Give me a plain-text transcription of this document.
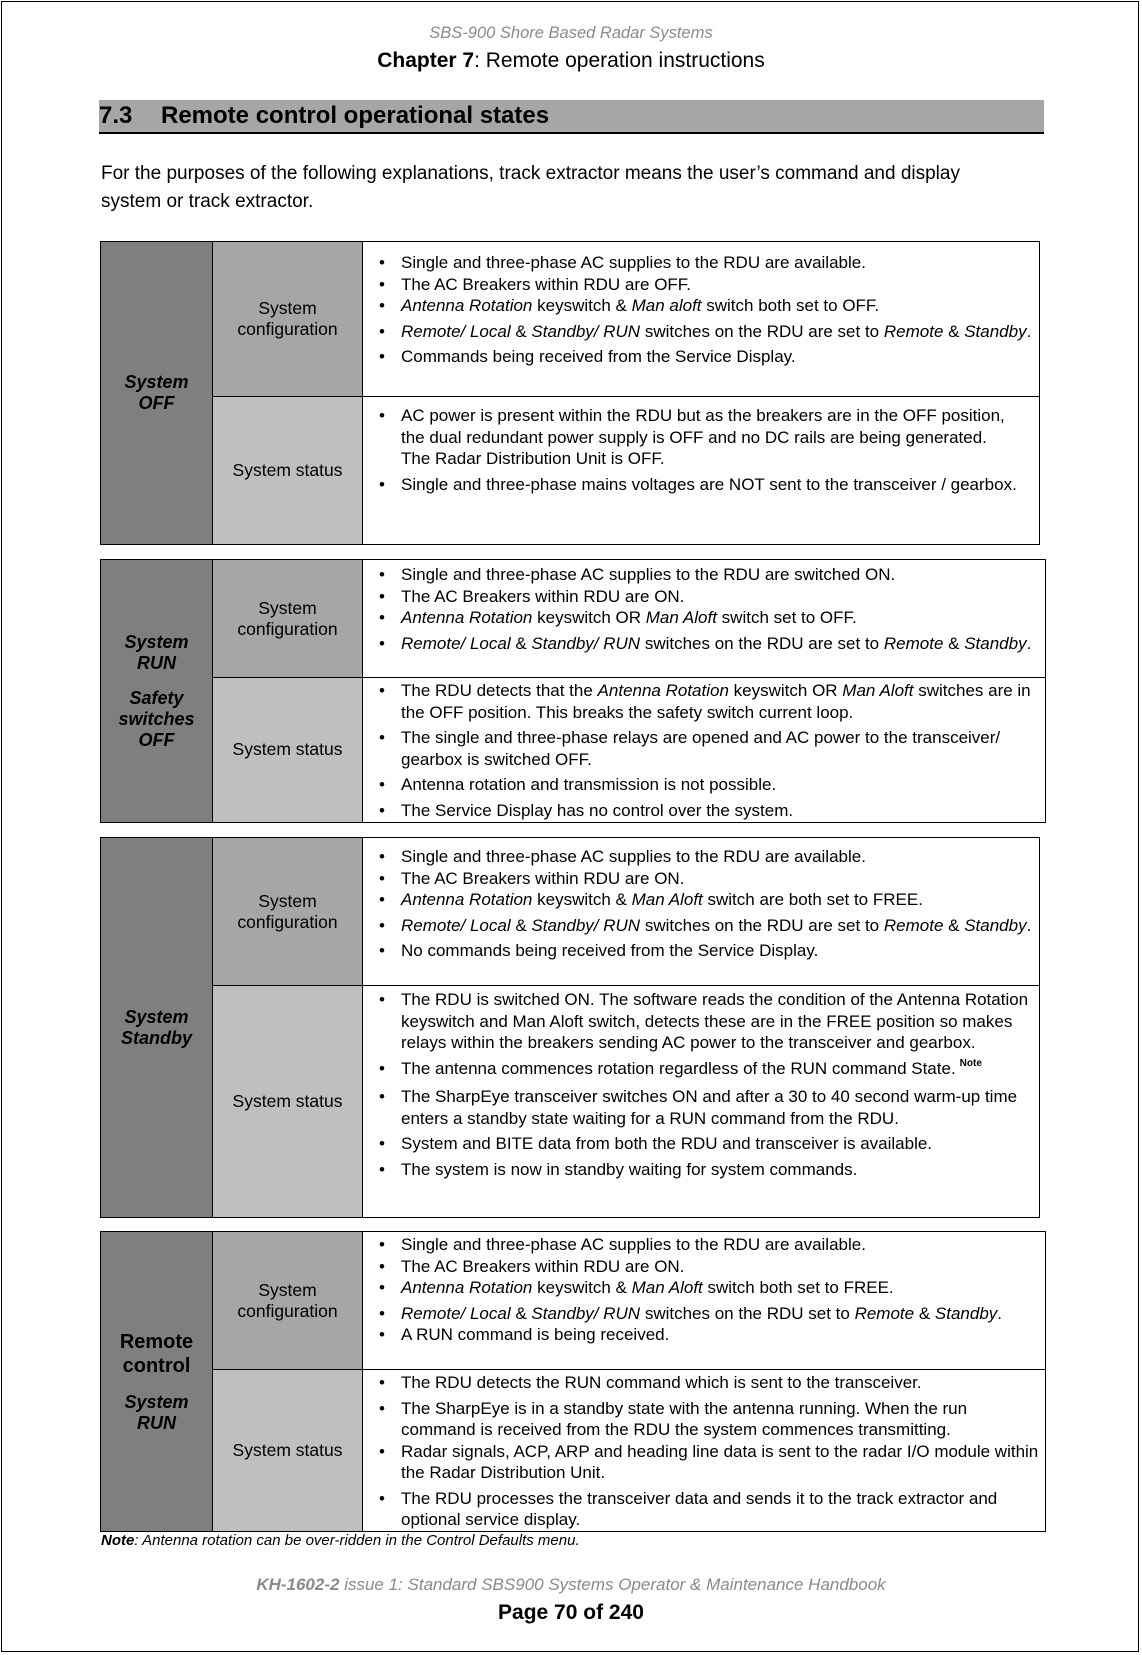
SBS-900 Shore Based Radar Systems
Chapter 7: Remote operation instructions
7.3 Remote control operational states
For the purposes of the following explanations, track extractor means the user’s command and display system or track extractor.
System
OFF
System configuration
System status
• Single and three-phase AC supplies to the RDU are available.
• The AC Breakers within RDU are OFF.
• Antenna Rotation keyswitch & Man aloft switch both set to OFF.
• Remote/ Local & Standby/ RUN switches on the RDU are set to Remote & Standby.
• Commands being received from the Service Display.
• AC power is present within the RDU but as the breakers are in the OFF position, the dual redundant power supply is OFF and no DC rails are being generated.
The Radar Distribution Unit is OFF.
• Single and three-phase mains voltages are NOT sent to the transceiver / gearbox.
System
RUN
Safety
switches
OFF
System configuration
System status
• Single and three-phase AC supplies to the RDU are switched ON.
• The AC Breakers within RDU are ON.
• Antenna Rotation keyswitch OR Man Aloft switch set to OFF.
• Remote/ Local & Standby/ RUN switches on the RDU are set to Remote & Standby.
• The RDU detects that the Antenna Rotation keyswitch OR Man Aloft switches are in the OFF position. This breaks the safety switch current loop.
• The single and three-phase relays are opened and AC power to the transceiver/ gearbox is switched OFF.
• Antenna rotation and transmission is not possible.
• The Service Display has no control over the system.
System
Standby
System configuration
System status
• Single and three-phase AC supplies to the RDU are available.
• The AC Breakers within RDU are ON.
• Antenna Rotation keyswitch & Man Aloft switch are both set to FREE.
• Remote/ Local & Standby/ RUN switches on the RDU are set to Remote & Standby.
• No commands being received from the Service Display.
• The RDU is switched ON. The software reads the condition of the Antenna Rotation keyswitch and Man Aloft switch, detects these are in the FREE position so makes relays within the breakers sending AC power to the transceiver and gearbox.
• The antenna commences rotation regardless of the RUN command State. $^{Note}$
• The SharpEye transceiver switches ON and after a 30 to 40 second warm-up time enters a standby state waiting for a RUN command from the RDU.
• System and BITE data from both the RDU and transceiver is available.
• The system is now in standby waiting for system commands.
Remote
control
System
RUN
System configuration
System status
• Single and three-phase AC supplies to the RDU are available.
• The AC Breakers within RDU are ON.
• Antenna Rotation keyswitch & Man Aloft switch both set to FREE.
• Remote/ Local & Standby/ RUN switches on the RDU set to Remote & Standby.
• A RUN command is being received.
• The RDU detects the RUN command which is sent to the transceiver.
• The SharpEye is in a standby state with the antenna running. When the run command is received from the RDU the system commences transmitting.
• Radar signals, ACP, ARP and heading line data is sent to the radar I/O module within the Radar Distribution Unit.
• The RDU processes the transceiver data and sends it to the track extractor and optional service display.
Note: Antenna rotation can be over-ridden in the Control Defaults menu.
KH-1602-2 issue 1: Standard SBS900 Systems Operator & Maintenance Handbook
Page 70 of 240
